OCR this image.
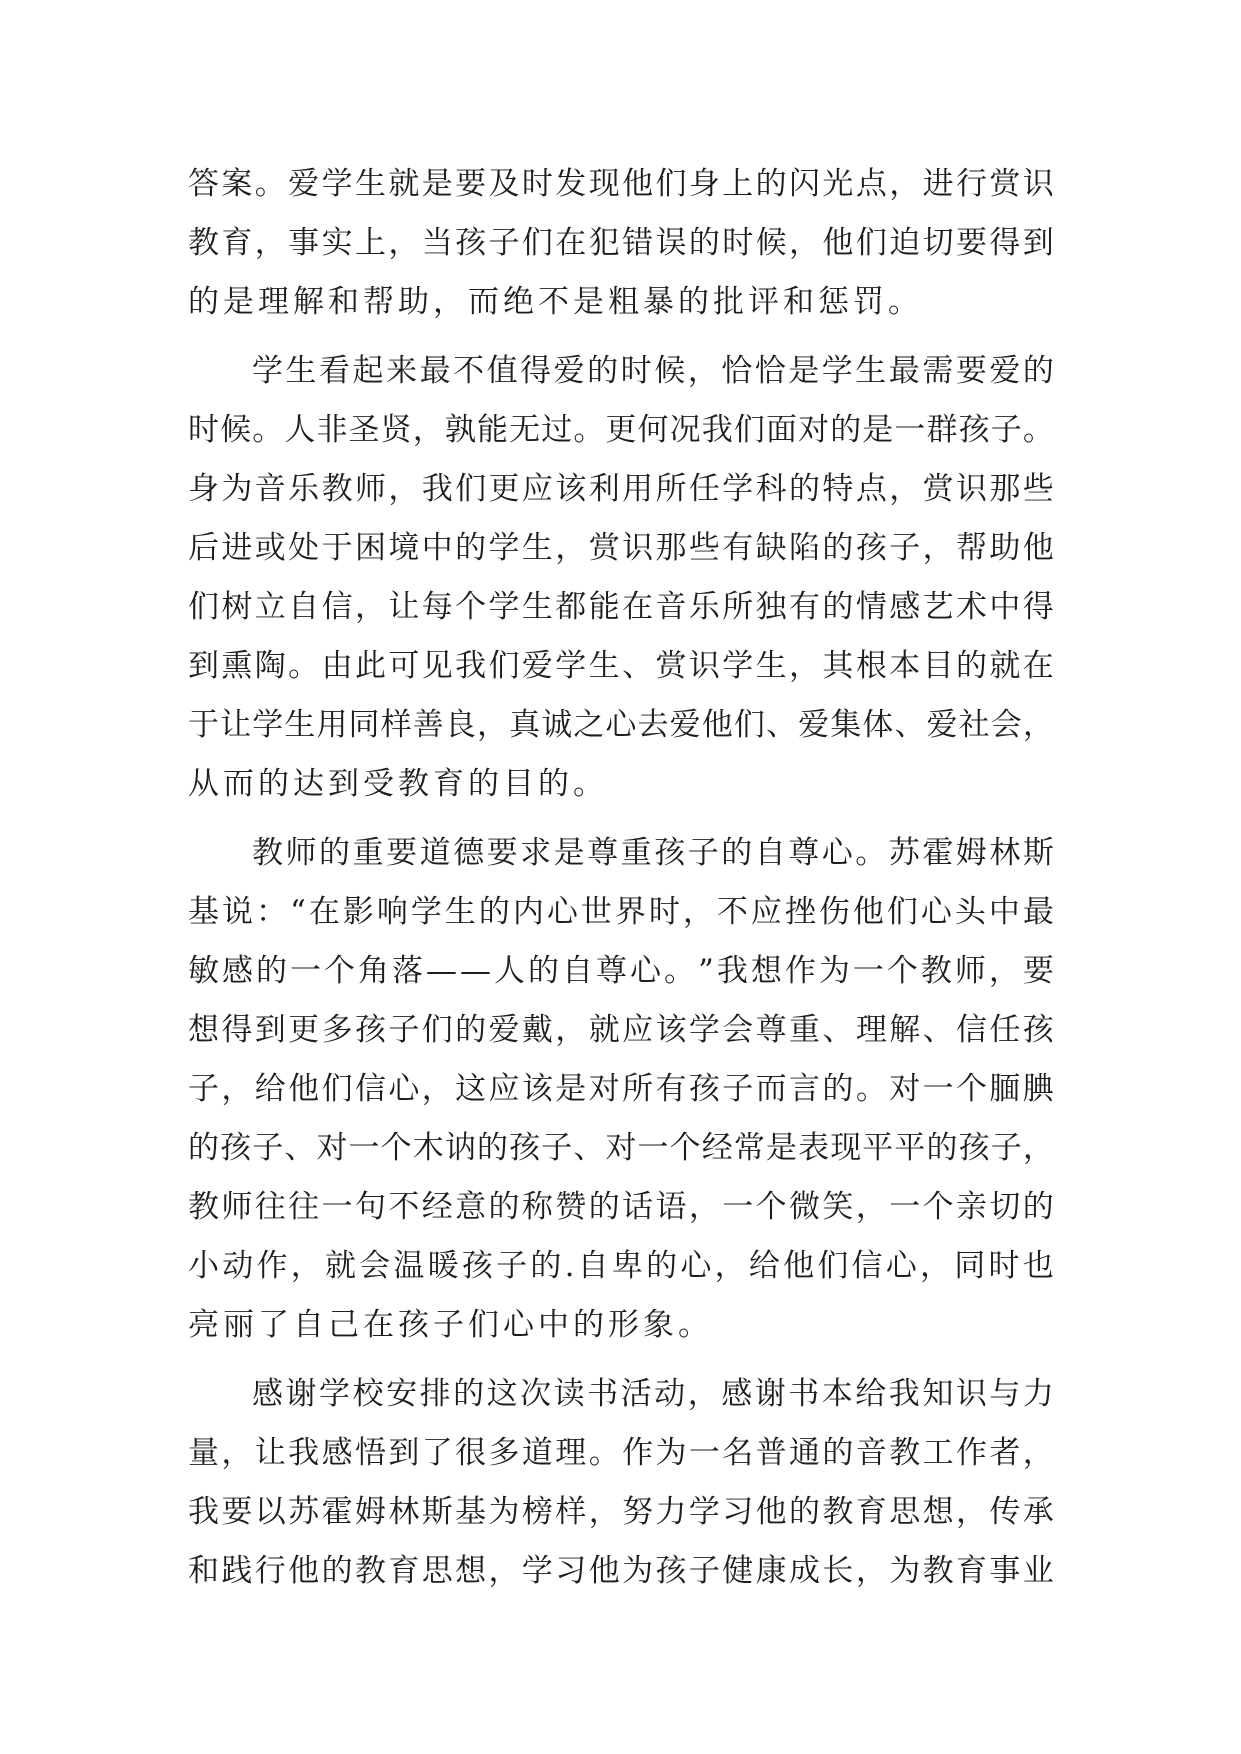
答 案 。 爱 学 生 就 是 要 及 时 发 现 他 们 身 上 的 闪 光 点 ， 进 行 赏 识
教 育 ， 事 实 上 ， 当 孩 子 们 在 犯 错 误 的 时 候 ， 他 们 迫 切 要 得 到
的是理解和帮助，而绝不是粗暴的批评和惩罚。
学 生 看 起 来 最 不 值 得 爱 的 时 候 ， 恰 恰 是 学 生 最 需 要 爱 的
时 候 。 人 非 圣 贤 ， 孰 能 无 过 。 更 何 况 我 们 面 对 的 是 一 群 孩 子 。
身 为 音 乐 教 师 ， 我 们 更 应 该 利 用 所 任 学 科 的 特 点 ， 赏 识 那 些
后 进 或 处 于 困 境 中 的 学 生 ， 赏 识 那 些 有 缺 陷 的 孩 子 ， 帮 助 他
们 树 立 自 信 ， 让 每 个 学 生 都 能 在 音 乐 所 独 有 的 情 感 艺 术 中 得
到 熏 陶 。 由 此 可 见 我 们 爱 学 生 、 赏 识 学 生 ， 其 根 本 目 的 就 在
于 让 学 生 用 同 样 善 良 ， 真 诚 之 心 去 爱 他 们 、 爱 集 体 、 爱 社 会 ，
从而的达到受教育的目的。
教 师 的 重 要 道 德 要 求 是 尊 重 孩 子 的 自 尊 心 。 苏 霍 姆 林 斯
基 说 ： “ 在 影 响 学 生 的 内 心 世 界 时 ， 不 应 挫 伤 他 们 心 头 中 最
敏 感 的 一 个 角 落 — — 人 的 自 尊 心 。 ” 我 想 作 为 一 个 教 师 ， 要
想 得 到 更 多 孩 子 们 的 爱 戴 ， 就 应 该 学 会 尊 重 、 理 解 、 信 任 孩
子 ， 给 他 们 信 心 ， 这 应 该 是 对 所 有 孩 子 而 言 的 。 对 一 个 腼 腆
的 孩 子 、 对 一 个 木 讷 的 孩 子 、 对 一 个 经 常 是 表 现 平 平 的 孩 子 ，
教 师 往 往 一 句 不 经 意 的 称 赞 的 话 语 ， 一 个 微 笑 ， 一 个 亲 切 的
小 动 作 ， 就 会 温 暖 孩 子 的 . 自 卑 的 心 ， 给 他 们 信 心 ， 同 时 也
亮丽了自己在孩子们心中的形象。
感 谢 学 校 安 排 的 这 次 读 书 活 动 ， 感 谢 书 本 给 我 知 识 与 力
量 ， 让 我 感 悟 到 了 很 多 道 理 。 作 为 一 名 普 通 的 音 教 工 作 者 ，
我 要 以 苏 霍 姆 林 斯 基 为 榜 样 ， 努 力 学 习 他 的 教 育 思 想 ， 传 承
和 践 行 他 的 教 育 思 想 ， 学 习 他 为 孩 子 健 康 成 长 ， 为 教 育 事 业
